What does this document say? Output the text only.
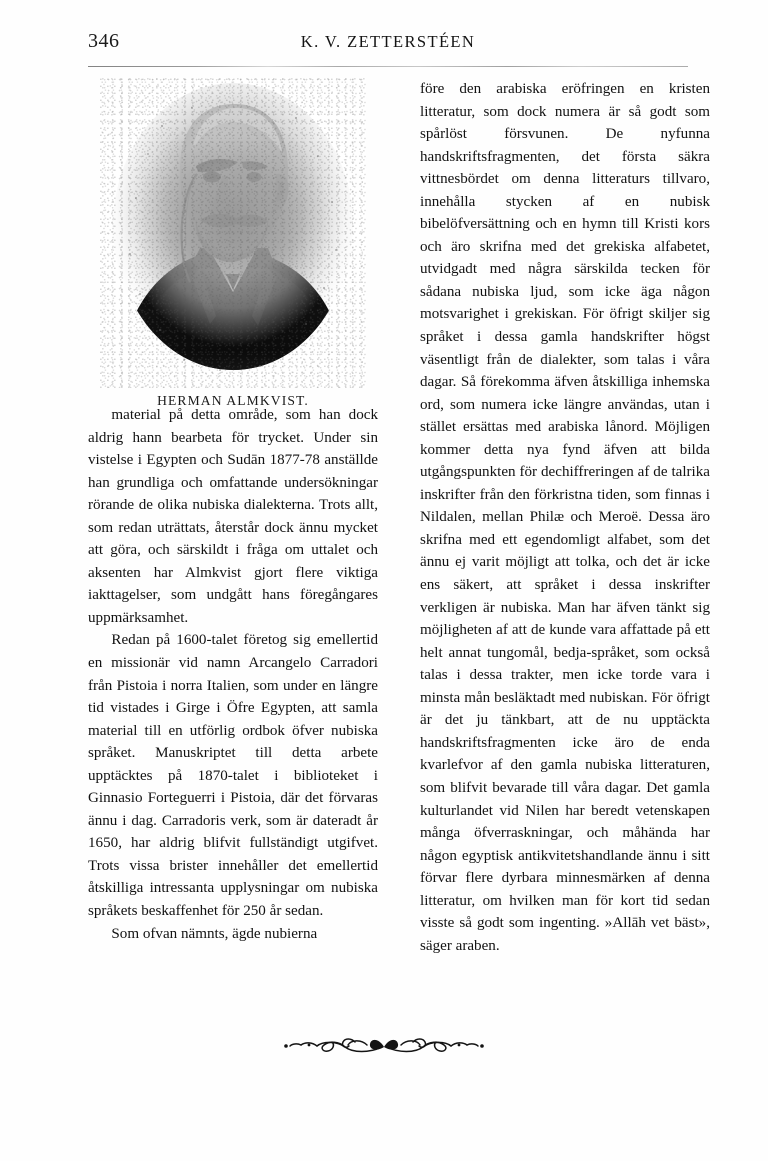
346	K. V. ZETTERSTÉEN
HERMAN ALMKVIST.

material på detta område, som han dock aldrig hann bearbeta för trycket. Under sin vistelse i Egypten och Sudān 1877-78 anställde han grundliga och omfattande undersökningar rörande de olika nubiska dialekterna. Trots allt, som redan uträttats, återstår dock ännu mycket att göra, och särskildt i fråga om uttalet och aksenten har Almkvist gjort flere viktiga iakttagelser, som undgått hans föregångares uppmärksamhet.

Redan på 1600-talet företog sig emellertid en missionär vid namn Arcangelo Carradori från Pistoia i norra Italien, som under en längre tid vistades i Girge i Öfre Egypten, att samla material till en utförlig ordbok öfver nubiska språket. Manuskriptet till detta arbete upptäcktes på 1870-talet i biblioteket i Ginnasio Forteguerri i Pistoia, där det förvaras ännu i dag. Carradoris verk, som är dateradt år 1650, har aldrig blifvit fullständigt utgifvet. Trots vissa brister innehåller det emellertid åtskilliga intressanta upplysningar om nubiska språkets beskaffenhet för 250 år sedan.

Som ofvan nämnts, ägde nubierna

före den arabiska eröfringen en kristen litteratur, som dock numera är så godt som spårlöst försvunen. De nyfunna handskriftsfragmenten, det första säkra vittnesbördet om denna litteraturs tillvaro, innehålla stycken af en nubisk bibelöfversättning och en hymn till Kristi kors och äro skrifna med det grekiska alfabetet, utvidgadt med några särskilda tecken för sådana nubiska ljud, som icke äga någon motsvarighet i grekiskan. För öfrigt skiljer sig språket i dessa gamla handskrifter högst väsentligt från de dialekter, som talas i våra dagar. Så förekomma äfven åtskilliga inhemska ord, som numera icke längre användas, utan i stället ersättas med arabiska lånord. Möjligen kommer detta nya fynd äfven att bilda utgångspunkten för dechiffreringen af de talrika inskrifter från den förkristna tiden, som finnas i Nildalen, mellan Philæ och Meroë. Dessa äro skrifna med ett egendomligt alfabet, som det ännu ej varit möjligt att tolka, och det är icke ens säkert, att språket i dessa inskrifter verkligen är nubiska. Man har äfven tänkt sig möjligheten af att de kunde vara affattade på ett helt annat tungomål, bedja-språket, som också talas i dessa trakter, men icke torde vara i minsta mån besläktadt med nubiskan. För öfrigt är det ju tänkbart, att de nu upptäckta handskriftsfragmenten icke äro de enda kvarlefvor af den gamla nubiska litteraturen, som blifvit bevarade till våra dagar. Det gamla kulturlandet vid Nilen har beredt vetenskapen många öfverraskningar, och måhända har någon egyptisk antikvitetshandlande ännu i sitt förvar flere dyrbara minnesmärken af denna litteratur, om hvilken man för kort tid sedan visste så godt som ingenting. »Allāh vet bäst», säger araben.
